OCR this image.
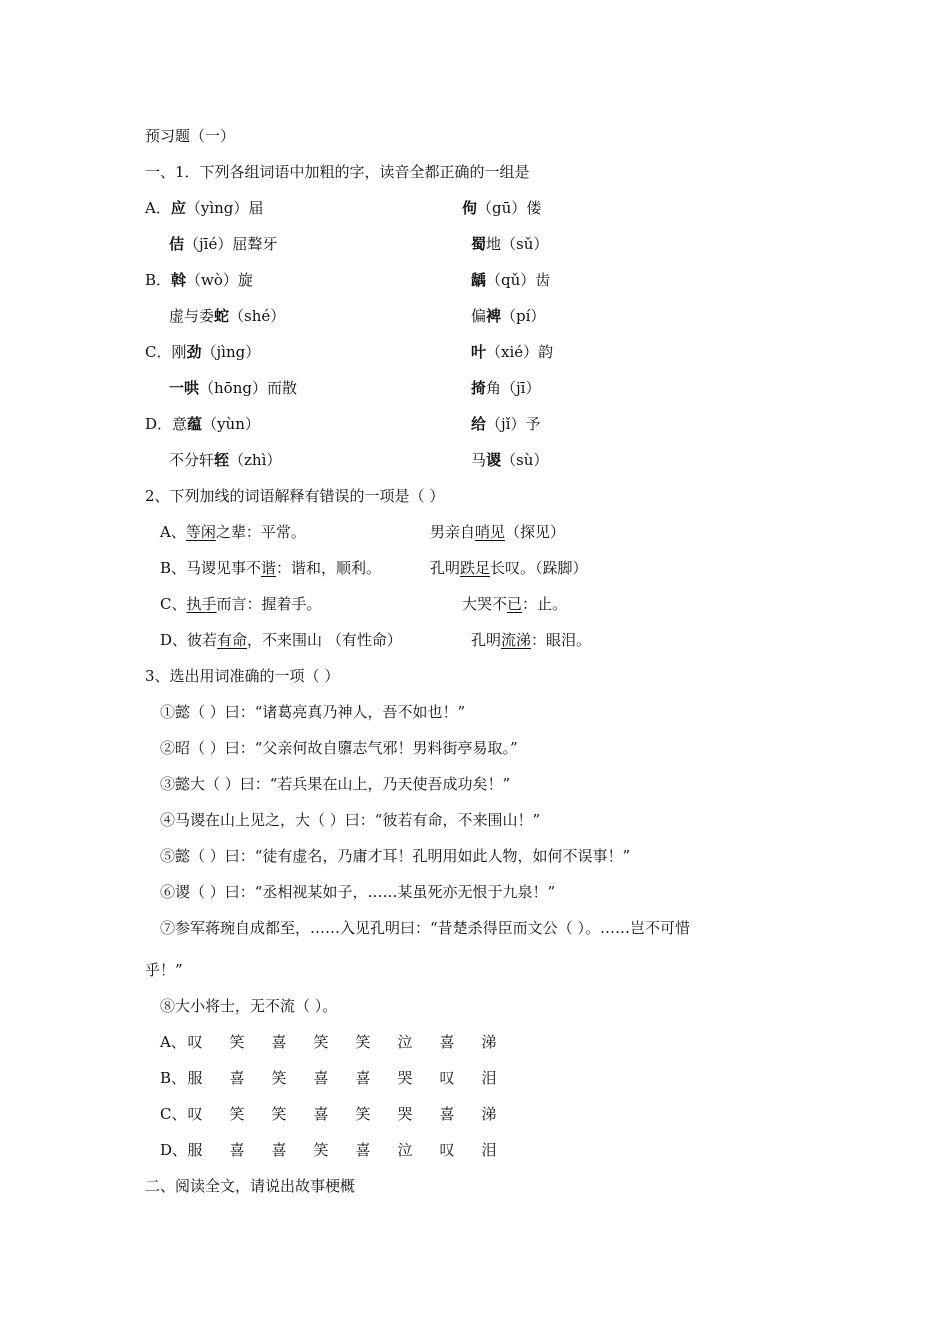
预习题（一）
一、1．下列各组词语中加粗的字，读音全都正确的一组是
A．应（yìng）届	佝（gū）偻
佶（jīé）屈聱牙	蜀地（sǔ）
B．斡（wò）旋	龋（qǔ）齿
虚与委蛇（shé）	偏裨（pí）
C．刚劲（jìng）	叶（xié）韵
一哄（hōng）而散	掎角（jī）
D．意蕴（yùn）	给（jǐ）予
不分轩轾（zhì）	马谡（sù）
2、下列加线的词语解释有错误的一项是（ ）
A、等闲之辈：平常。	男亲自哨见（探见）
B、马谡见事不谐：谐和，顺利。	孔明跌足长叹。（跺脚）
C、执手而言：握着手。	大哭不已：止。
D、彼若有命，不来围山 （有性命）	孔明流涕：眼泪。
3、选出用词准确的一项（ ）
①懿（ ）曰：“诸葛亮真乃神人，吾不如也！”
②昭（ ）曰：“父亲何故自隳志气邪！男料街亭易取。”
③懿大（ ）曰：“若兵果在山上，乃天使吾成功矣！”
④马谡在山上见之，大（ ）曰：“彼若有命，不来围山！”
⑤懿（ ）曰：“徒有虚名，乃庸才耳！孔明用如此人物，如何不误事！”
⑥谡（ ）曰：“丞相视某如子，……某虽死亦无恨于九泉！”
⑦参军蒋琬自成都至，……入见孔明曰：“昔楚杀得臣而文公（ ）。……岂不可惜
乎！”
⑧大小将士，无不流（ ）。
A、 叹	笑	喜	笑	笑	泣	喜	涕
B、 服	喜	笑	喜	喜	哭	叹	泪
C、 叹	笑	笑	喜	笑	哭	喜	涕
D、 服	喜	喜	笑	喜	泣	叹	泪
二、阅读全文，请说出故事梗概
